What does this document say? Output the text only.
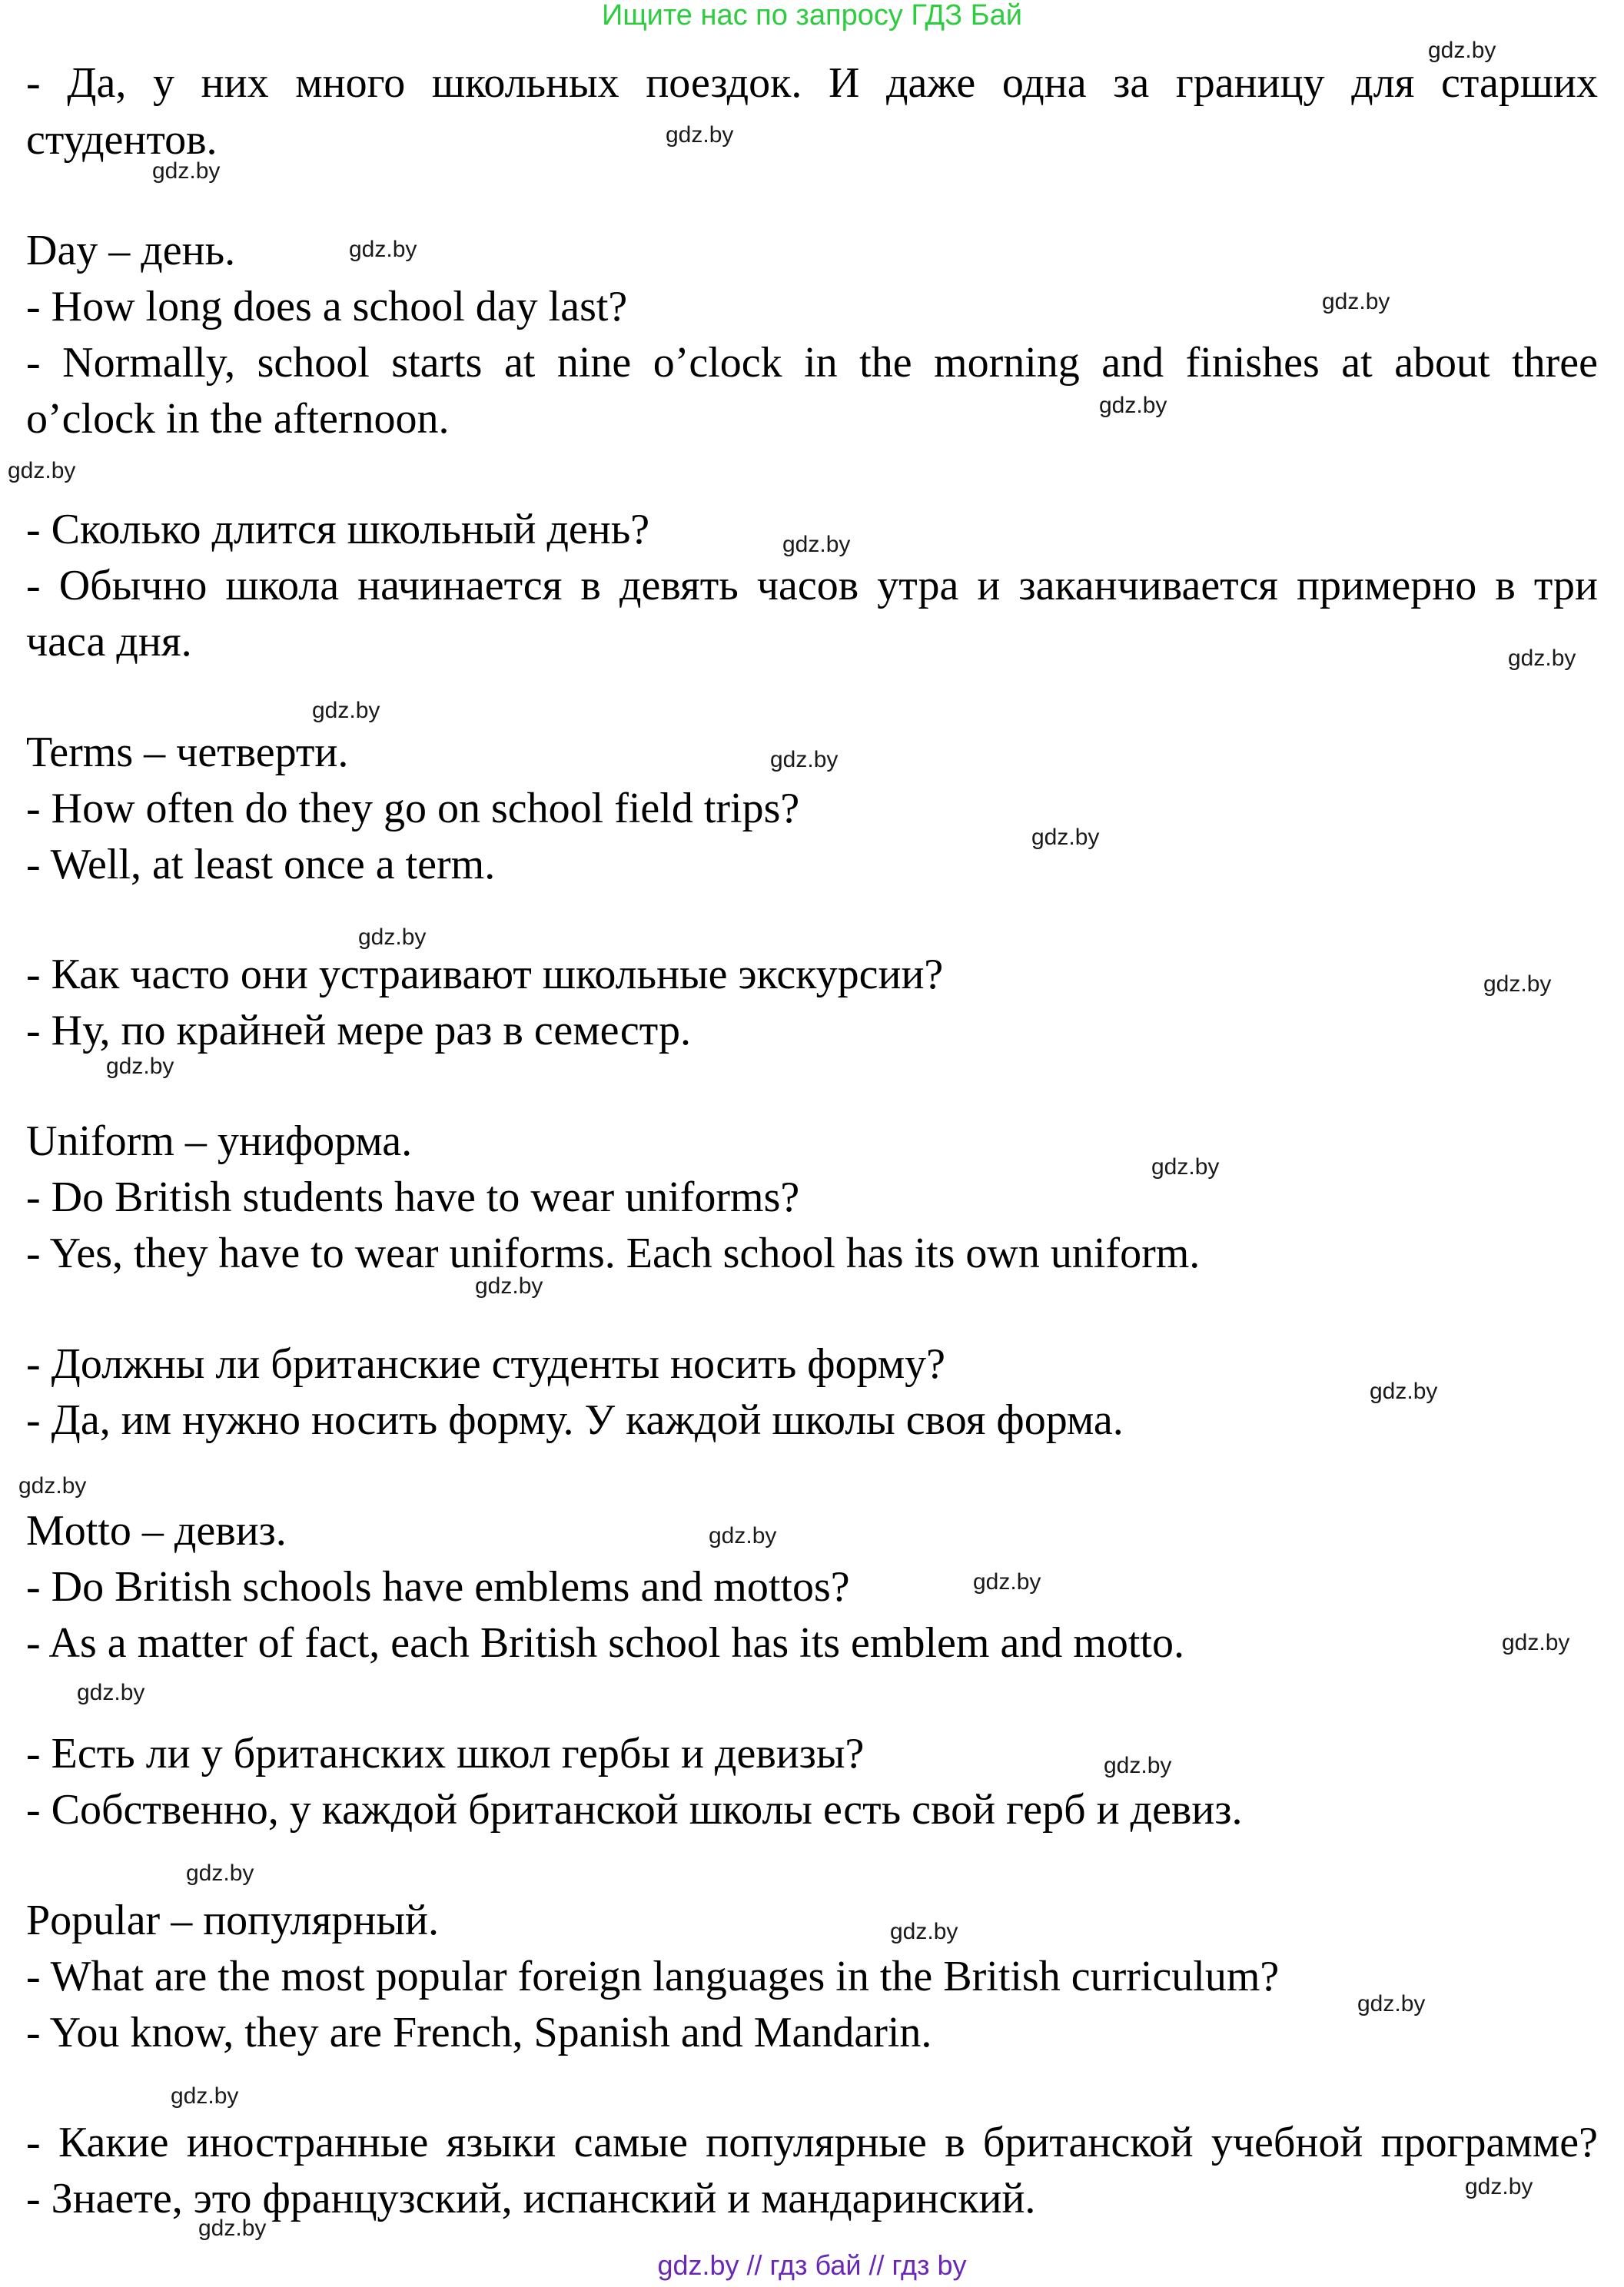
Ищите нас по запросу ГДЗ Бай
- Да, у них много школьных поездок. И даже одна за границу для старших
студентов.
Day – день.
- How long does a school day last?
- Normally, school starts at nine o’clock in the morning and finishes at about three
o’clock in the afternoon.
- Сколько длится школьный день?
- Обычно школа начинается в девять часов утра и заканчивается примерно в три
часа дня.
Terms – четверти.
- How often do they go on school field trips?
- Well, at least once a term.
- Как часто они устраивают школьные экскурсии?
- Ну, по крайней мере раз в семестр.
Uniform – униформа.
- Do British students have to wear uniforms?
- Yes, they have to wear uniforms. Each school has its own uniform.
- Должны ли британские студенты носить форму?
- Да, им нужно носить форму. У каждой школы своя форма.
Motto – девиз.
- Do British schools have emblems and mottos?
- As a matter of fact, each British school has its emblem and motto.
- Есть ли у британских школ гербы и девизы?
- Собственно, у каждой британской школы есть свой герб и девиз.
Popular – популярный.
- What are the most popular foreign languages in the British curriculum?
- You know, they are French, Spanish and Mandarin.
- Какие иностранные языки самые популярные в британской учебной программе?
- Знаете, это французский, испанский и мандаринский.
gdz.by
gdz.by
gdz.by
gdz.by
gdz.by
gdz.by
gdz.by
gdz.by
gdz.by
gdz.by
gdz.by
gdz.by
gdz.by
gdz.by
gdz.by
gdz.by
gdz.by
gdz.by
gdz.by
gdz.by
gdz.by
gdz.by
gdz.by
gdz.by
gdz.by
gdz.by
gdz.by
gdz.by
gdz.by
gdz.by
gdz.by // гдз бай // гдз by
